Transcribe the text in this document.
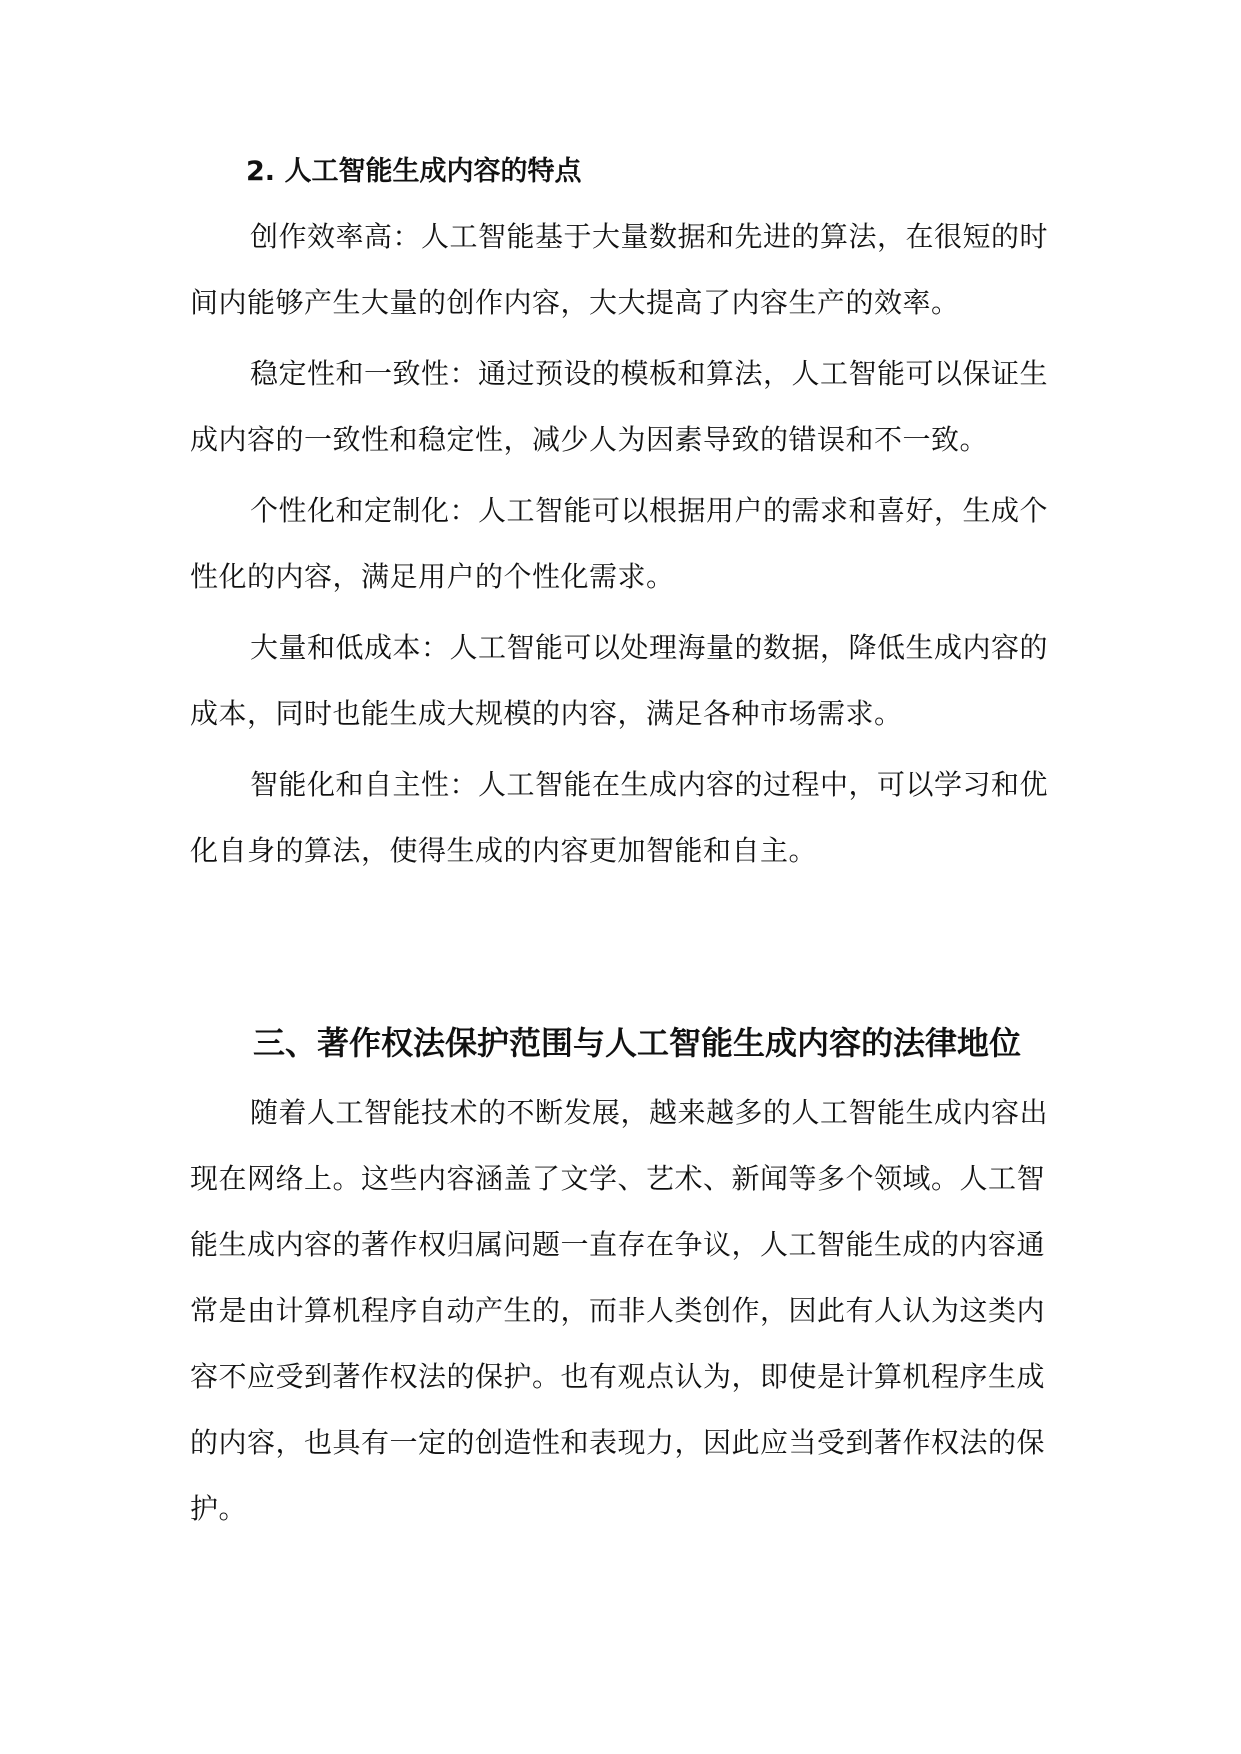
2. 人工智能生成内容的特点
创作效率高：人工智能基于大量数据和先进的算法，在很短的时
间内能够产生大量的创作内容，大大提高了内容生产的效率。
稳定性和一致性：通过预设的模板和算法，人工智能可以保证生
成内容的一致性和稳定性，减少人为因素导致的错误和不一致。
个性化和定制化：人工智能可以根据用户的需求和喜好，生成个
性化的内容，满足用户的个性化需求。
大量和低成本：人工智能可以处理海量的数据，降低生成内容的
成本，同时也能生成大规模的内容，满足各种市场需求。
智能化和自主性：人工智能在生成内容的过程中，可以学习和优
化自身的算法，使得生成的内容更加智能和自主。
三、著作权法保护范围与人工智能生成内容的法律地位
随着人工智能技术的不断发展，越来越多的人工智能生成内容出
现在网络上。这些内容涵盖了文学、艺术、新闻等多个领域。人工智
能生成内容的著作权归属问题一直存在争议，人工智能生成的内容通
常是由计算机程序自动产生的，而非人类创作，因此有人认为这类内
容不应受到著作权法的保护。也有观点认为，即使是计算机程序生成
的内容，也具有一定的创造性和表现力，因此应当受到著作权法的保
护。
